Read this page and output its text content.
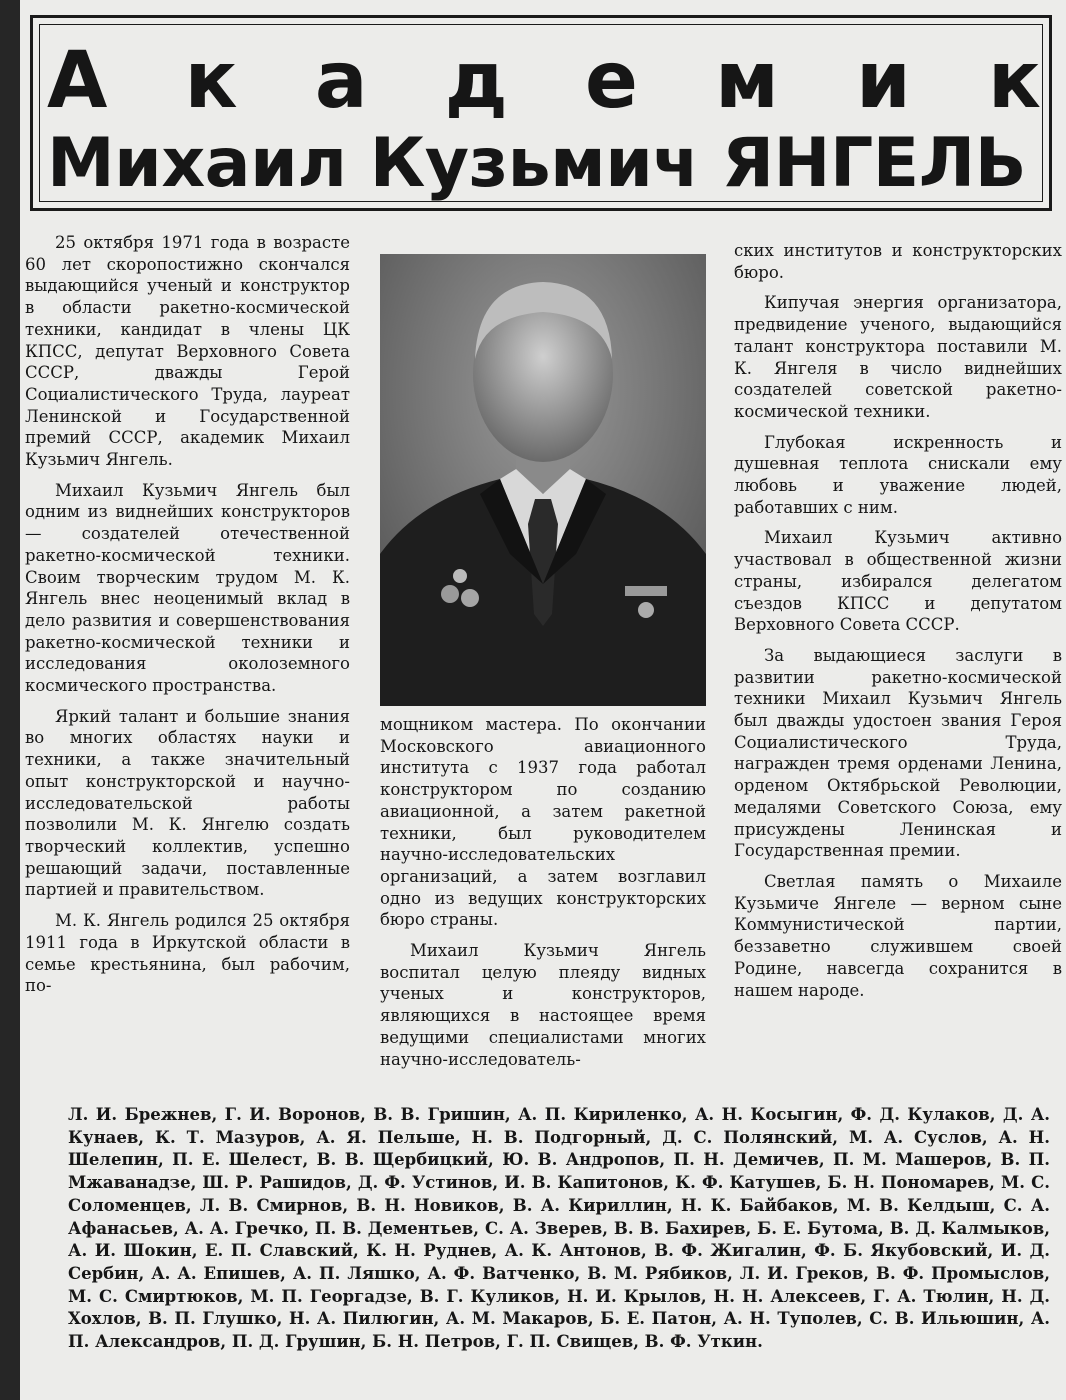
А к а д е м и к
Михаил Кузьмич ЯНГЕЛЬ

25 октября 1971 года в возрасте 60 лет скоропостижно скончался выдающийся ученый и конструктор в области ракетно-космической техники, кандидат в члены ЦК КПСС, депутат Верховного Совета СССР, дважды Герой Социалистического Труда, лауреат Ленинской и Государственной премий СССР, академик Михаил Кузьмич Янгель.

Михаил Кузьмич Янгель был одним из виднейших конструкторов — создателей отечественной ракетно-космической техники. Своим творческим трудом М. К. Янгель внес неоценимый вклад в дело развития и совершенствования ракетно-космической техники и исследования околоземного космического пространства.

Яркий талант и большие знания во многих областях науки и техники, а также значительный опыт конструкторской и научно-исследовательской работы позволили М. К. Янгелю создать творческий коллектив, успешно решающий задачи, поставленные партией и правительством.

М. К. Янгель родился 25 октября 1911 года в Иркутской области в семье крестьянина, был рабочим, по-

мощником мастера. По окончании Московского авиационного института с 1937 года работал конструктором по созданию авиационной, а затем ракетной техники, был руководителем научно-исследовательских организаций, а затем возглавил одно из ведущих конструкторских бюро страны.

Михаил Кузьмич Янгель воспитал целую плеяду видных ученых и конструкторов, являющихся в настоящее время ведущими специалистами многих научно-исследователь-

ских институтов и конструкторских бюро.

Кипучая энергия организатора, предвидение ученого, выдающийся талант конструктора поставили М. К. Янгеля в число виднейших создателей советской ракетно-космической техники.

Глубокая искренность и душевная теплота снискали ему любовь и уважение людей, работавших с ним.

Михаил Кузьмич активно участвовал в общественной жизни страны, избирался делегатом съездов КПСС и депутатом Верховного Совета СССР.

За выдающиеся заслуги в развитии ракетно-космической техники Михаил Кузьмич Янгель был дважды удостоен звания Героя Социалистического Труда, награжден тремя орденами Ленина, орденом Октябрьской Революции, медалями Советского Союза, ему присуждены Ленинская и Государственная премии.

Светлая память о Михаиле Кузьмиче Янгеле — верном сыне Коммунистической партии, беззаветно служившем своей Родине, навсегда сохранится в нашем народе.

Л. И. Брежнев, Г. И. Воронов, В. В. Гришин, А. П. Кириленко, А. Н. Косыгин, Ф. Д. Кулаков, Д. А. Кунаев, К. Т. Мазуров, А. Я. Пельше, Н. В. Подгорный, Д. С. Полянский, М. А. Суслов, А. Н. Шелепин, П. Е. Шелест, В. В. Щербицкий, Ю. В. Андропов, П. Н. Демичев, П. М. Машеров, В. П. Мжаванадзе, Ш. Р. Рашидов, Д. Ф. Устинов, И. В. Капитонов, К. Ф. Катушев, Б. Н. Пономарев, М. С. Соломенцев, Л. В. Смирнов, В. Н. Новиков, В. А. Кириллин, Н. К. Байбаков, М. В. Келдыш, С. А. Афанасьев, А. А. Гречко, П. В. Дементьев, С. А. Зверев, В. В. Бахирев, Б. Е. Бутома, В. Д. Калмыков, А. И. Шокин, Е. П. Славский, К. Н. Руднев, А. К. Антонов, В. Ф. Жигалин, Ф. Б. Якубовский, И. Д. Сербин, А. А. Епишев, А. П. Ляшко, А. Ф. Ватченко, В. М. Рябиков, Л. И. Греков, В. Ф. Промыслов, М. С. Смиртюков, М. П. Георгадзе, В. Г. Куликов, Н. И. Крылов, Н. Н. Алексеев, Г. А. Тюлин, Н. Д. Хохлов, В. П. Глушко, Н. А. Пилюгин, А. М. Макаров, Б. Е. Патон, А. Н. Туполев, С. В. Ильюшин, А. П. Александров, П. Д. Грушин, Б. Н. Петров, Г. П. Свищев, В. Ф. Уткин.
